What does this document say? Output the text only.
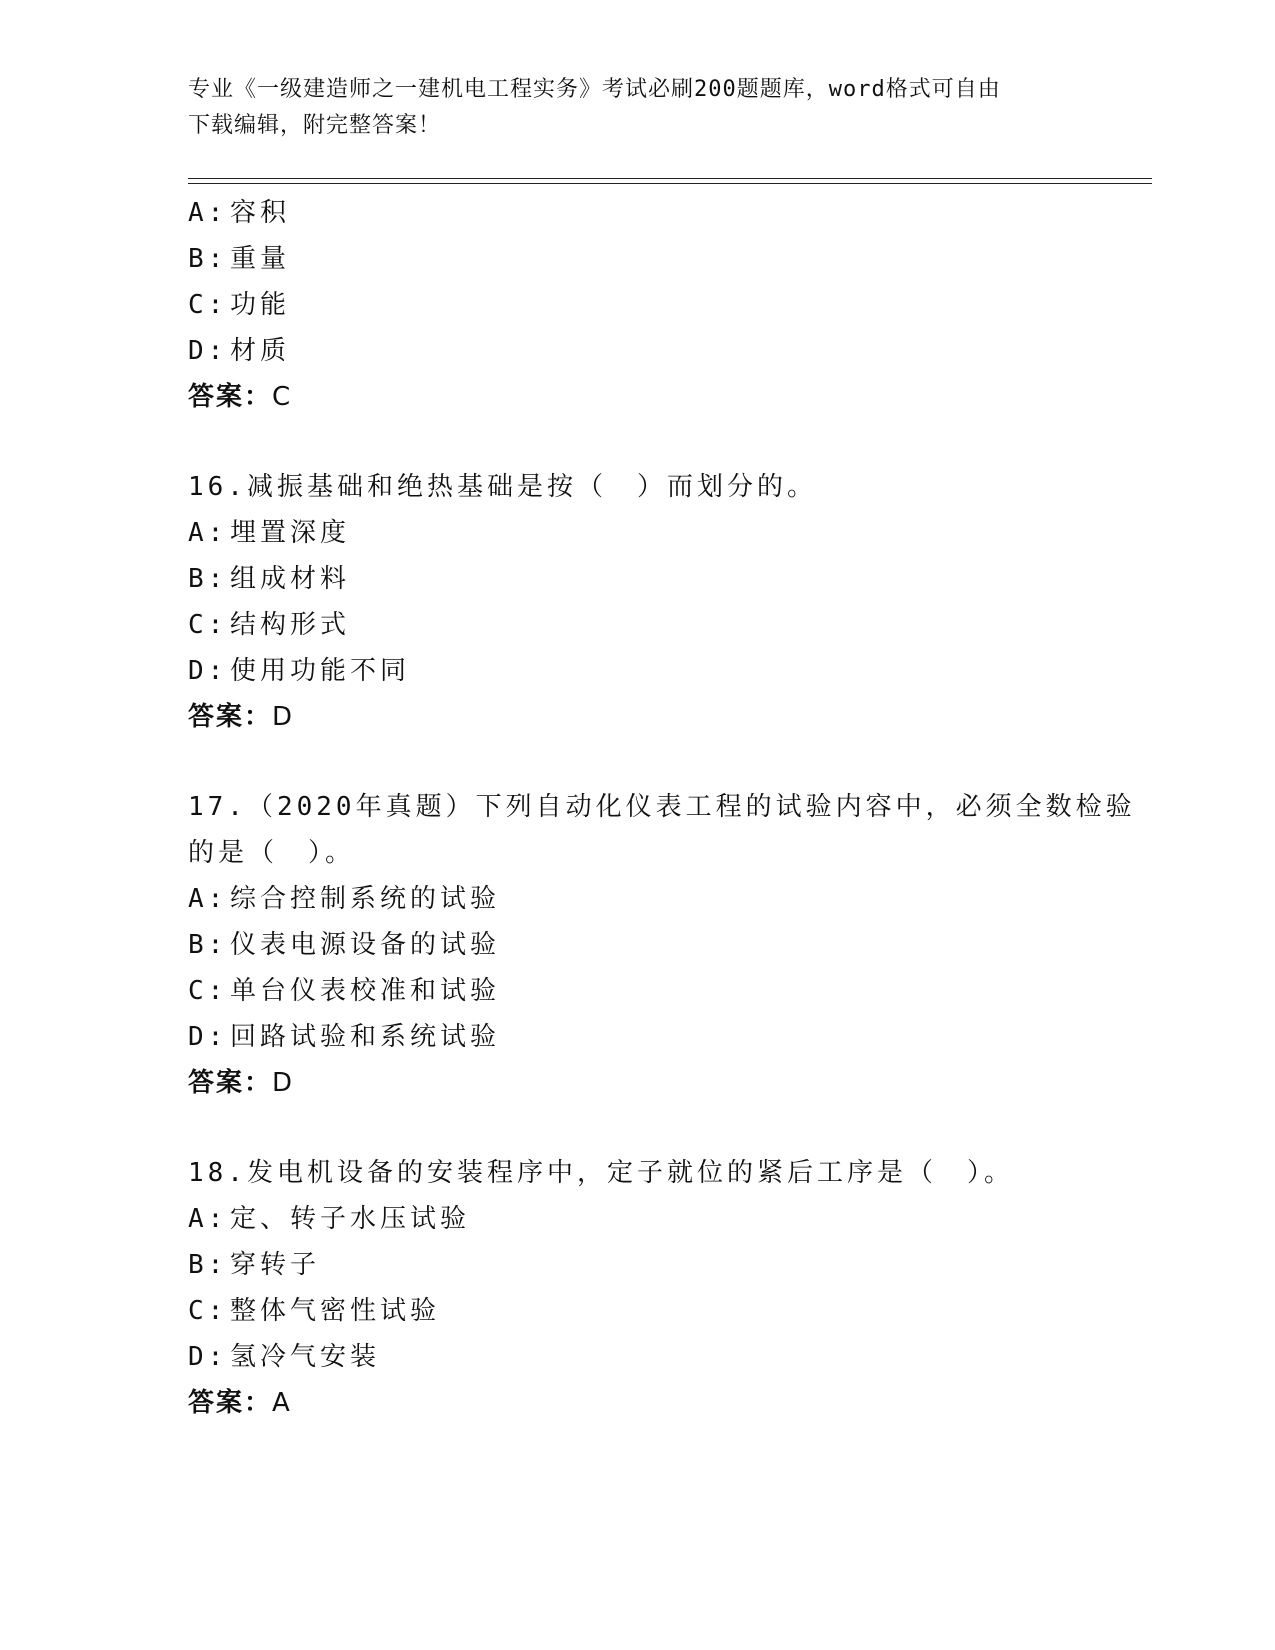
专业《一级建造师之一建机电工程实务》考试必刷200题题库，word格式可自由
下载编辑，附完整答案！
A: 容积
B: 重量
C: 功能
D: 材质
答案：C
16.减振基础和绝热基础是按（　）而划分的。
A: 埋置深度
B: 组成材料
C: 结构形式
D: 使用功能不同
答案：D
17.（2020年真题）下列自动化仪表工程的试验内容中，必须全数检验
的是（　）。
A: 综合控制系统的试验
B: 仪表电源设备的试验
C: 单台仪表校准和试验
D: 回路试验和系统试验
答案：D
18.发电机设备的安装程序中，定子就位的紧后工序是（　）。
A: 定、转子水压试验
B: 穿转子
C: 整体气密性试验
D: 氢冷气安装
答案：A
